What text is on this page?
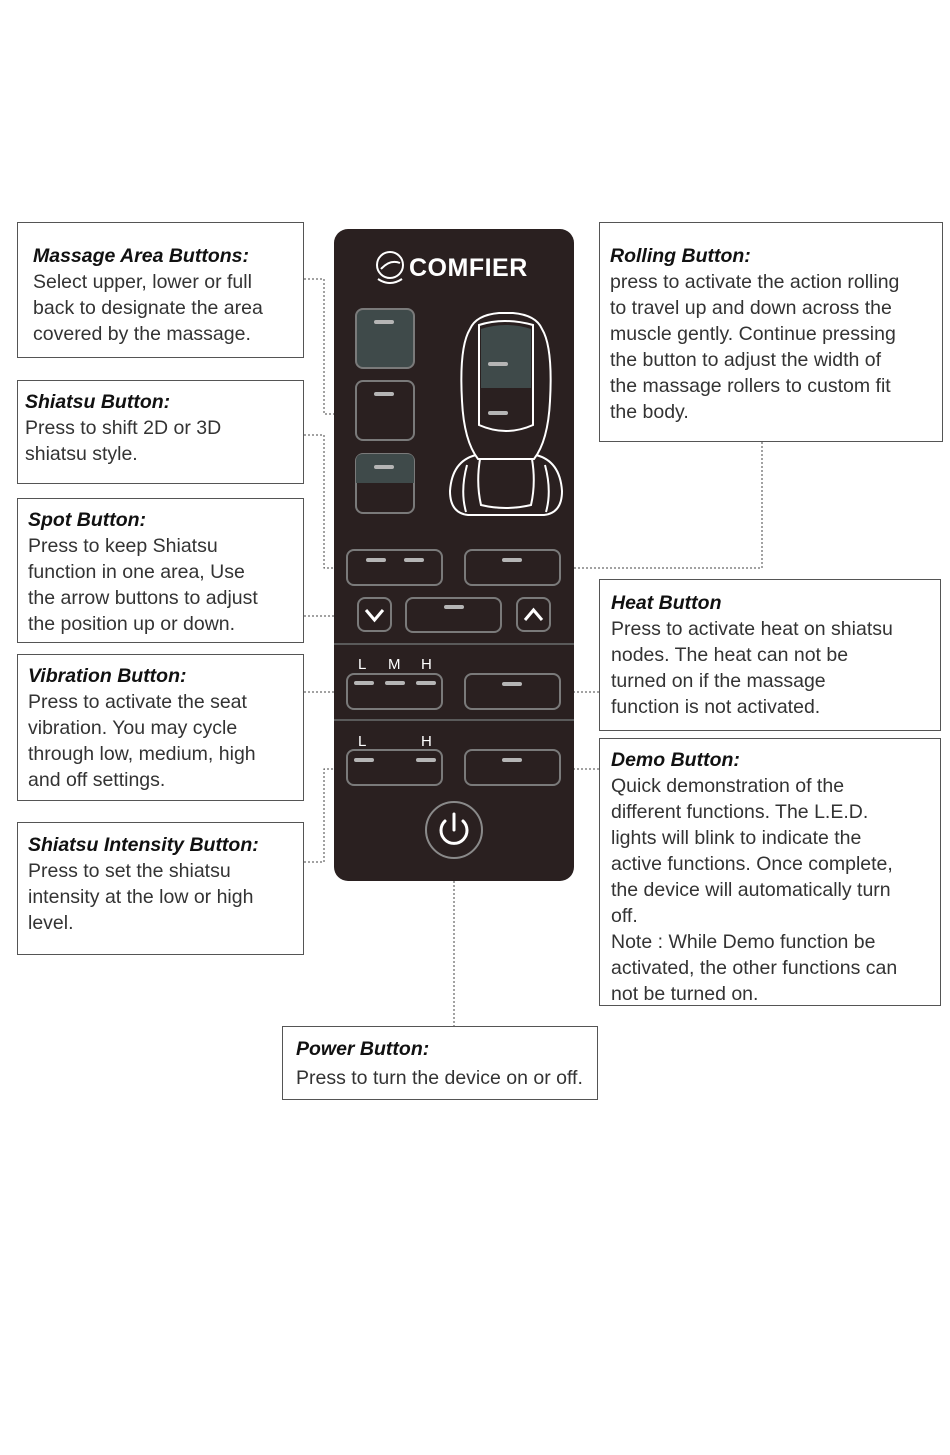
Massage Area Buttons:
Select upper, lower or full
back to designate the area
covered by the massage.
Shiatsu Button:
Press to shift 2D or 3D
shiatsu style.
Spot Button:
Press to keep Shiatsu
function in one area, Use
the arrow buttons to adjust
the position up or down.
Vibration Button:
Press to activate the seat
vibration. You may cycle
through low, medium, high
and off settings.
Shiatsu Intensity Button:
Press to set the shiatsu
intensity at the low or high
level.
Rolling Button:
press to activate the action rolling
to travel up and down across the
muscle gently. Continue pressing
the button to adjust the width of
the massage rollers to custom fit
the body.
Heat Button
Press to activate heat on shiatsu
nodes. The heat can not be
turned on if the massage
function is not activated.
Demo Button:
Quick demonstration of the
different functions. The L.E.D.
lights will blink to indicate the
active functions. Once complete,
the device will automatically turn
off.
Note : While Demo function be
activated, the other functions can
not be turned on.
Power Button:
Press to turn the device on or off.
COMFIER
L M H
L	H
